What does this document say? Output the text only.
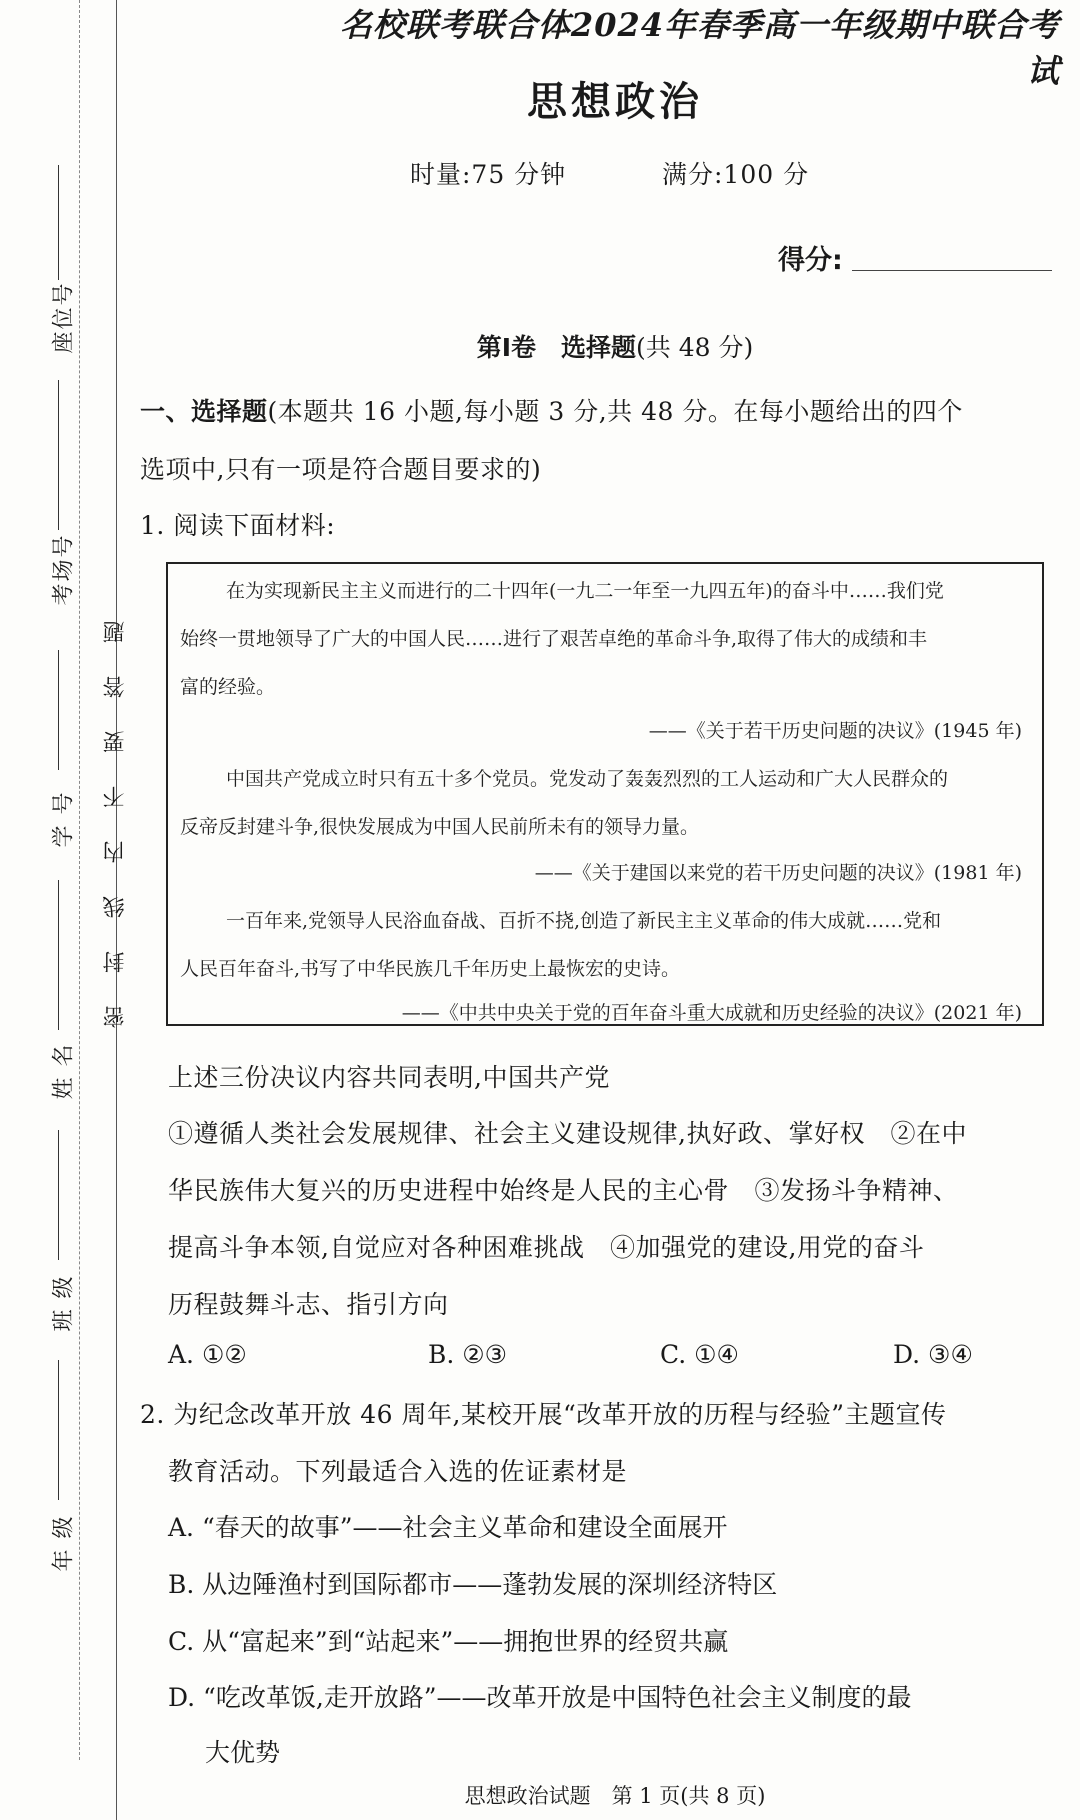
座位号
考场号
学 号
姓 名
班 级
年 级
密封线内不要答题
名校联考联合体2024年春季高一年级期中联合考试
思想政治
时量:75 分钟	满分:100 分
得分:
第Ⅰ卷　选择题(共 48 分)
一、选择题(本题共 16 小题,每小题 3 分,共 48 分。在每小题给出的四个
选项中,只有一项是符合题目要求的)
1. 阅读下面材料:
在为实现新民主主义而进行的二十四年(一九二一年至一九四五年)的奋斗中……我们党
始终一贯地领导了广大的中国人民……进行了艰苦卓绝的革命斗争,取得了伟大的成绩和丰
富的经验。
——《关于若干历史问题的决议》(1945 年)
中国共产党成立时只有五十多个党员。党发动了轰轰烈烈的工人运动和广大人民群众的
反帝反封建斗争,很快发展成为中国人民前所未有的领导力量。
——《关于建国以来党的若干历史问题的决议》(1981 年)
一百年来,党领导人民浴血奋战、百折不挠,创造了新民主主义革命的伟大成就……党和
人民百年奋斗,书写了中华民族几千年历史上最恢宏的史诗。
——《中共中央关于党的百年奋斗重大成就和历史经验的决议》(2021 年)
上述三份决议内容共同表明,中国共产党
①遵循人类社会发展规律、社会主义建设规律,执好政、掌好权　②在中
华民族伟大复兴的历史进程中始终是人民的主心骨　③发扬斗争精神、
提高斗争本领,自觉应对各种困难挑战　④加强党的建设,用党的奋斗
历程鼓舞斗志、指引方向
A. ①②	B. ②③	C. ①④	D. ③④
2. 为纪念改革开放 46 周年,某校开展“改革开放的历程与经验”主题宣传
教育活动。下列最适合入选的佐证素材是
A. “春天的故事”——社会主义革命和建设全面展开
B. 从边陲渔村到国际都市——蓬勃发展的深圳经济特区
C. 从“富起来”到“站起来”——拥抱世界的经贸共赢
D. “吃改革饭,走开放路”——改革开放是中国特色社会主义制度的最
大优势
思想政治试题　第 1 页(共 8 页)
